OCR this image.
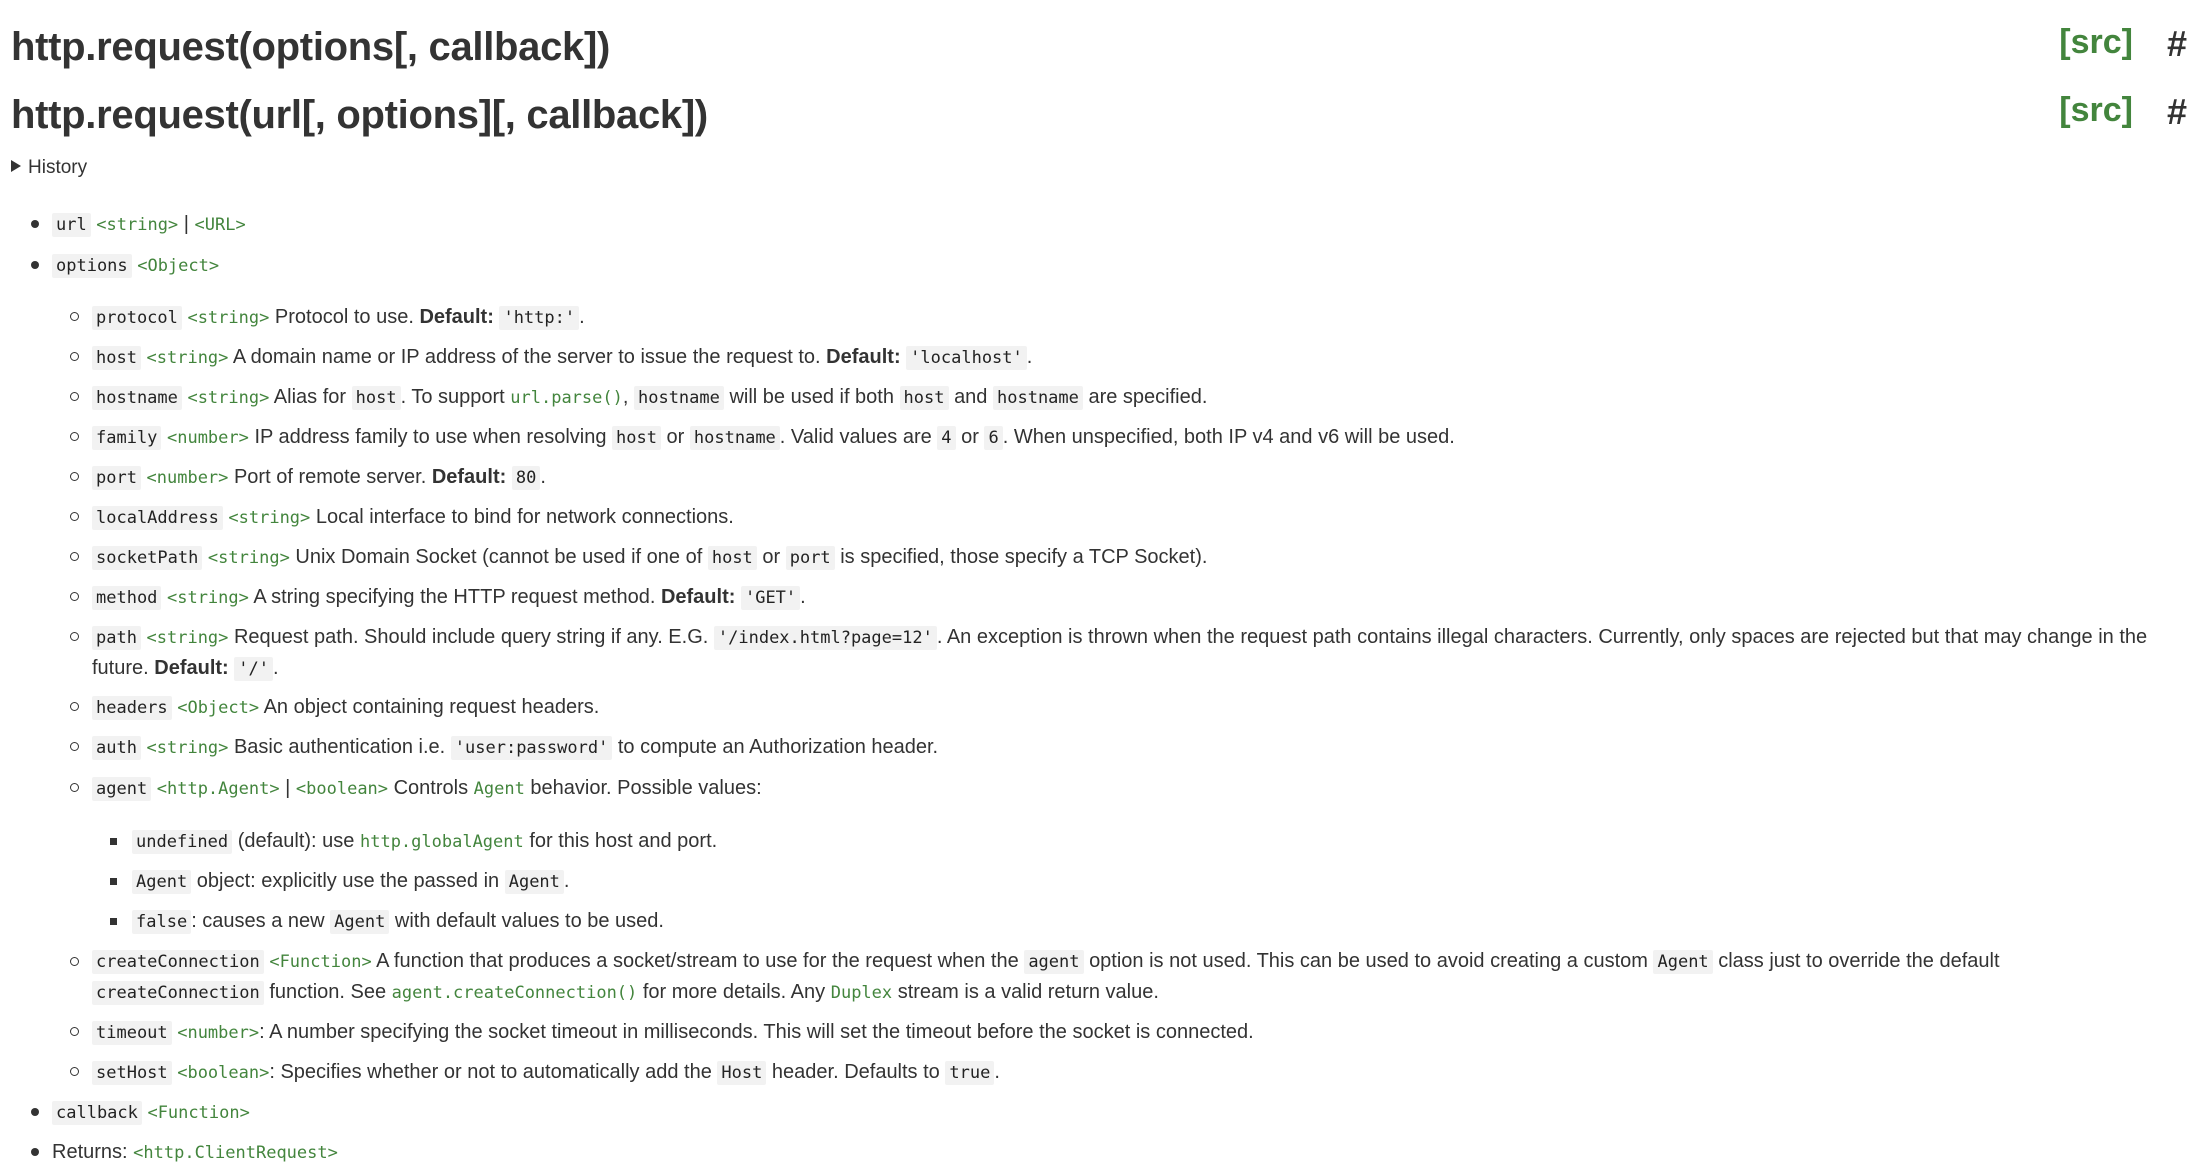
http.request(options[, callback])	[src] #
http.request(url[, options][, callback])	[src] #
History
url <string> | <URL>
options <Object>
protocol <string> Protocol to use. Default: 'http:' .
host <string> A domain name or IP address of the server to issue the request to. Default: 'localhost' .
hostname <string> Alias for host . To support url.parse(), hostname will be used if both host and hostname are specified.
family <number> IP address family to use when resolving host or hostname . Valid values are 4 or 6 . When unspecified, both IP v4 and v6 will be used.
port <number> Port of remote server. Default: 80 .
localAddress <string> Local interface to bind for network connections.
socketPath <string> Unix Domain Socket (cannot be used if one of host or port is specified, those specify a TCP Socket).
method <string> A string specifying the HTTP request method. Default: 'GET' .
path <string> Request path. Should include query string if any. E.G. '/index.html?page=12' . An exception is thrown when the request path contains illegal characters. Currently, only spaces are rejected but that may change in the future. Default: '/' .
headers <Object> An object containing request headers.
auth <string> Basic authentication i.e. 'user:password' to compute an Authorization header.
agent <http.Agent> | <boolean> Controls Agent behavior. Possible values:
undefined (default): use http.globalAgent for this host and port.
Agent object: explicitly use the passed in Agent .
false : causes a new Agent with default values to be used.
createConnection <Function> A function that produces a socket/stream to use for the request when the agent option is not used. This can be used to avoid creating a custom Agent class just to override the default createConnection function. See agent.createConnection() for more details. Any Duplex stream is a valid return value.
timeout <number>: A number specifying the socket timeout in milliseconds. This will set the timeout before the socket is connected.
setHost <boolean>: Specifies whether or not to automatically add the Host header. Defaults to true .
callback <Function>
Returns: <http.ClientRequest>
